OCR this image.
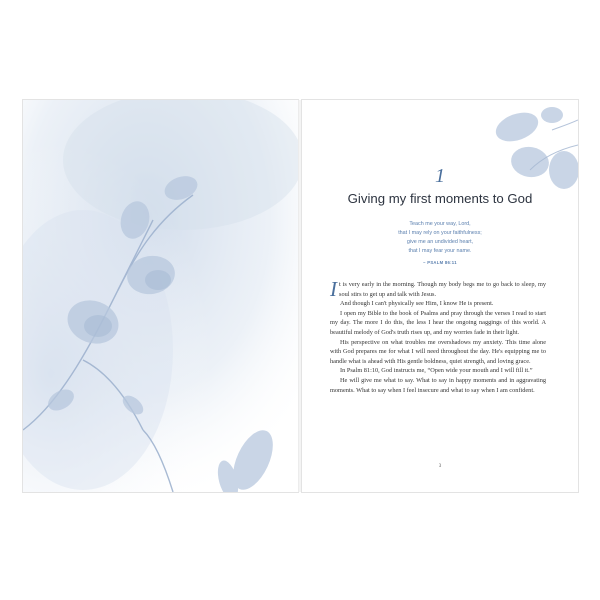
1
Giving my first moments to God
Teach me your way, Lord,
that I may rely on your faithfulness;
give me an undivided heart,
that I may fear your name.
– PSALM 86:11

It is very early in the morning. Though my body begs me to go back to sleep, my soul stirs to get up and talk with Jesus.

And though I can't physically see Him, I know He is present.

I open my Bible to the book of Psalms and pray through the verses I read to start my day. The more I do this, the less I hear the ongoing naggings of this world. A beautiful melody of God's truth rises up, and my worries fade in their light.

His perspective on what troubles me overshadows my anxiety. This time alone with God prepares me for what I will need throughout the day. He's equipping me to handle what is ahead with His gentle boldness, quiet strength, and loving grace.

In Psalm 81:10, God instructs me, “Open wide your mouth and I will fill it.”

He will give me what to say. What to say in happy moments and in aggravating moments. What to say when I feel insecure and what to say when I am confident.

3
